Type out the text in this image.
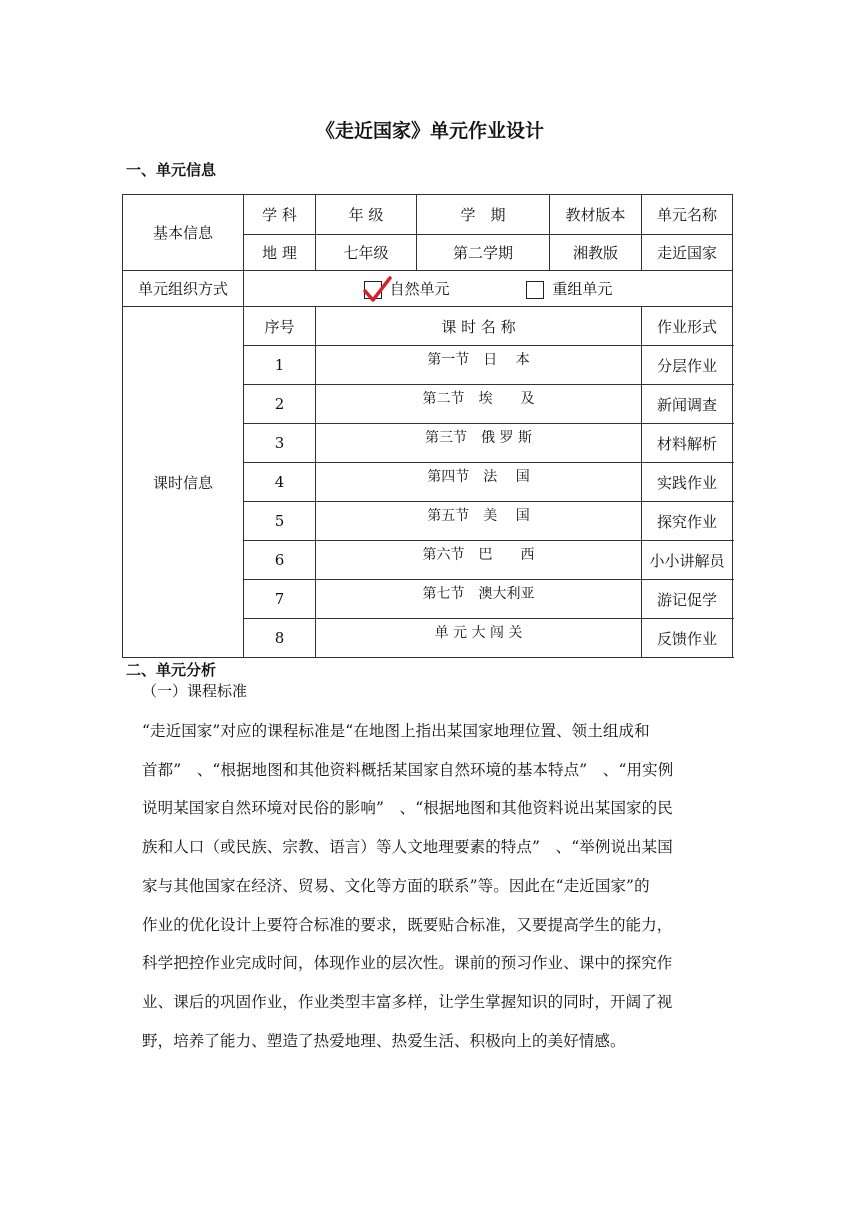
《走近国家》单元作业设计
一、单元信息
基本信息	学 科	年 级	学　期	教材版本	单元名称
	地 理	七年级	第二学期	湘教版	走近国家
单元组织方式	自然单元 重组单元				
课时信息	序号	课 时 名 称			作业形式
	1	第一节　日　 本			分层作业
	2	第二节　埃　　及			新闻调查
	3	第三节　俄 罗 斯			材料解析
	4	第四节　法　 国			实践作业
	5	第五节　美　 国			探究作业
	6	第六节　巴　　西			小小讲解员
	7	第七节　澳大利亚			游记促学
	8	单 元 大 闯 关			反馈作业
二、单元分析
（一）课程标准

“走近国家”对应的课程标准是“在地图上指出某国家地理位置、领土组成和

首都”　、“根据地图和其他资料概括某国家自然环境的基本特点”　、“用实例

说明某国家自然环境对民俗的影响”　、“根据地图和其他资料说出某国家的民

族和人口（或民族、宗教、语言）等人文地理要素的特点”　、“举例说出某国

家与其他国家在经济、贸易、文化等方面的联系”等。因此在“走近国家”的

作业的优化设计上要符合标准的要求，既要贴合标准，又要提高学生的能力，

科学把控作业完成时间，体现作业的层次性。课前的预习作业、课中的探究作

业、课后的巩固作业，作业类型丰富多样，让学生掌握知识的同时，开阔了视

野，培养了能力、塑造了热爱地理、热爱生活、积极向上的美好情感。
